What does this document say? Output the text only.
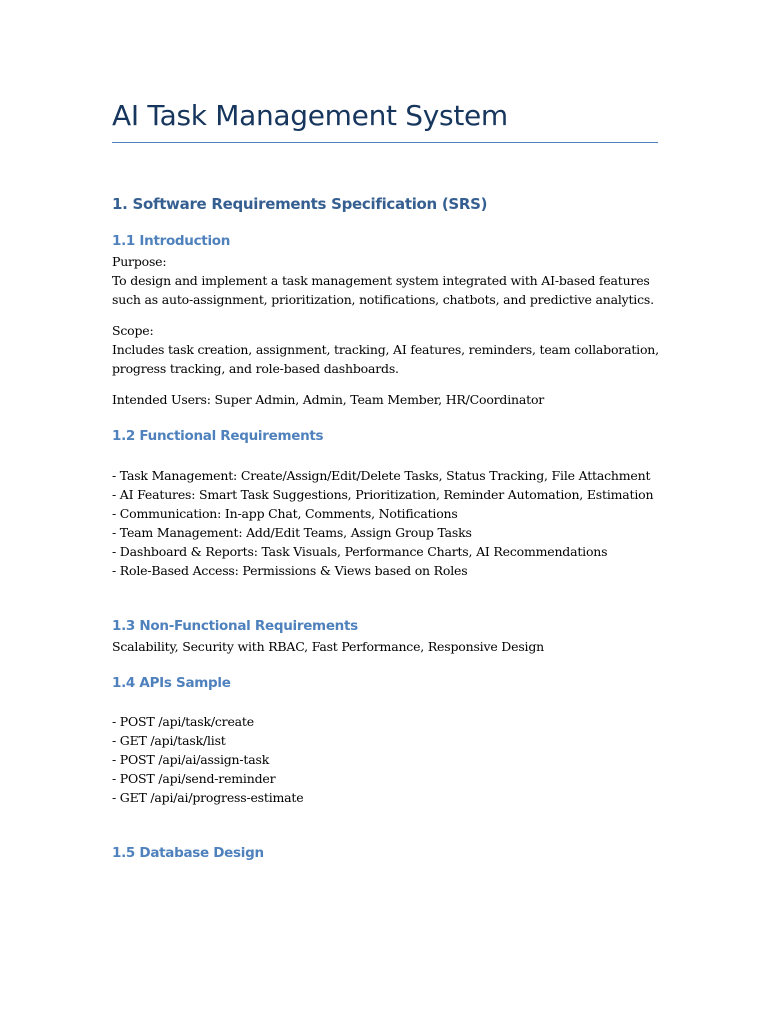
AI Task Management System
1. Software Requirements Specification (SRS)
1.1 Introduction
Purpose:
To design and implement a task management system integrated with AI-based features
such as auto-assignment, prioritization, notifications, chatbots, and predictive analytics.
Scope:
Includes task creation, assignment, tracking, AI features, reminders, team collaboration,
progress tracking, and role-based dashboards.
Intended Users: Super Admin, Admin, Team Member, HR/Coordinator
1.2 Functional Requirements
- Task Management: Create/Assign/Edit/Delete Tasks, Status Tracking, File Attachment
- AI Features: Smart Task Suggestions, Prioritization, Reminder Automation, Estimation
- Communication: In-app Chat, Comments, Notifications
- Team Management: Add/Edit Teams, Assign Group Tasks
- Dashboard & Reports: Task Visuals, Performance Charts, AI Recommendations
- Role-Based Access: Permissions & Views based on Roles
1.3 Non-Functional Requirements
Scalability, Security with RBAC, Fast Performance, Responsive Design
1.4 APIs Sample
- POST /api/task/create
- GET /api/task/list
- POST /api/ai/assign-task
- POST /api/send-reminder
- GET /api/ai/progress-estimate
1.5 Database Design
